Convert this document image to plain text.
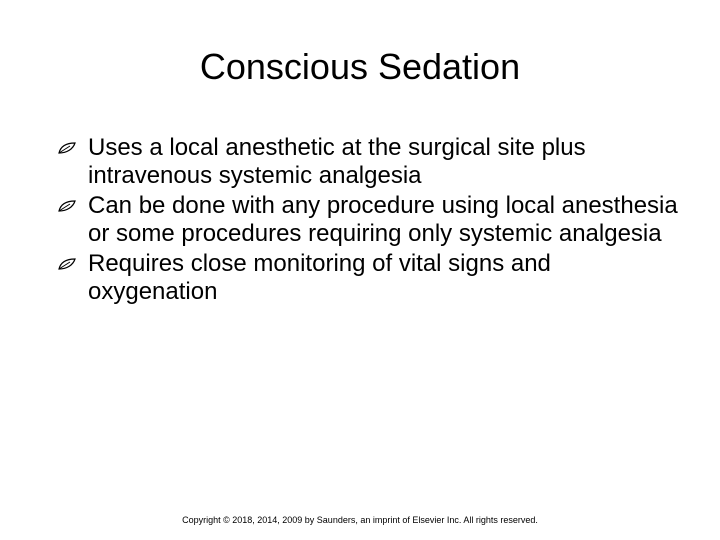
Conscious Sedation
Uses a local anesthetic at the surgical site plus intravenous systemic analgesia
Can be done with any procedure using local anesthesia or some procedures requiring only systemic analgesia
Requires close monitoring of vital signs and oxygenation
Copyright © 2018, 2014, 2009 by Saunders, an imprint of Elsevier Inc. All rights reserved.
